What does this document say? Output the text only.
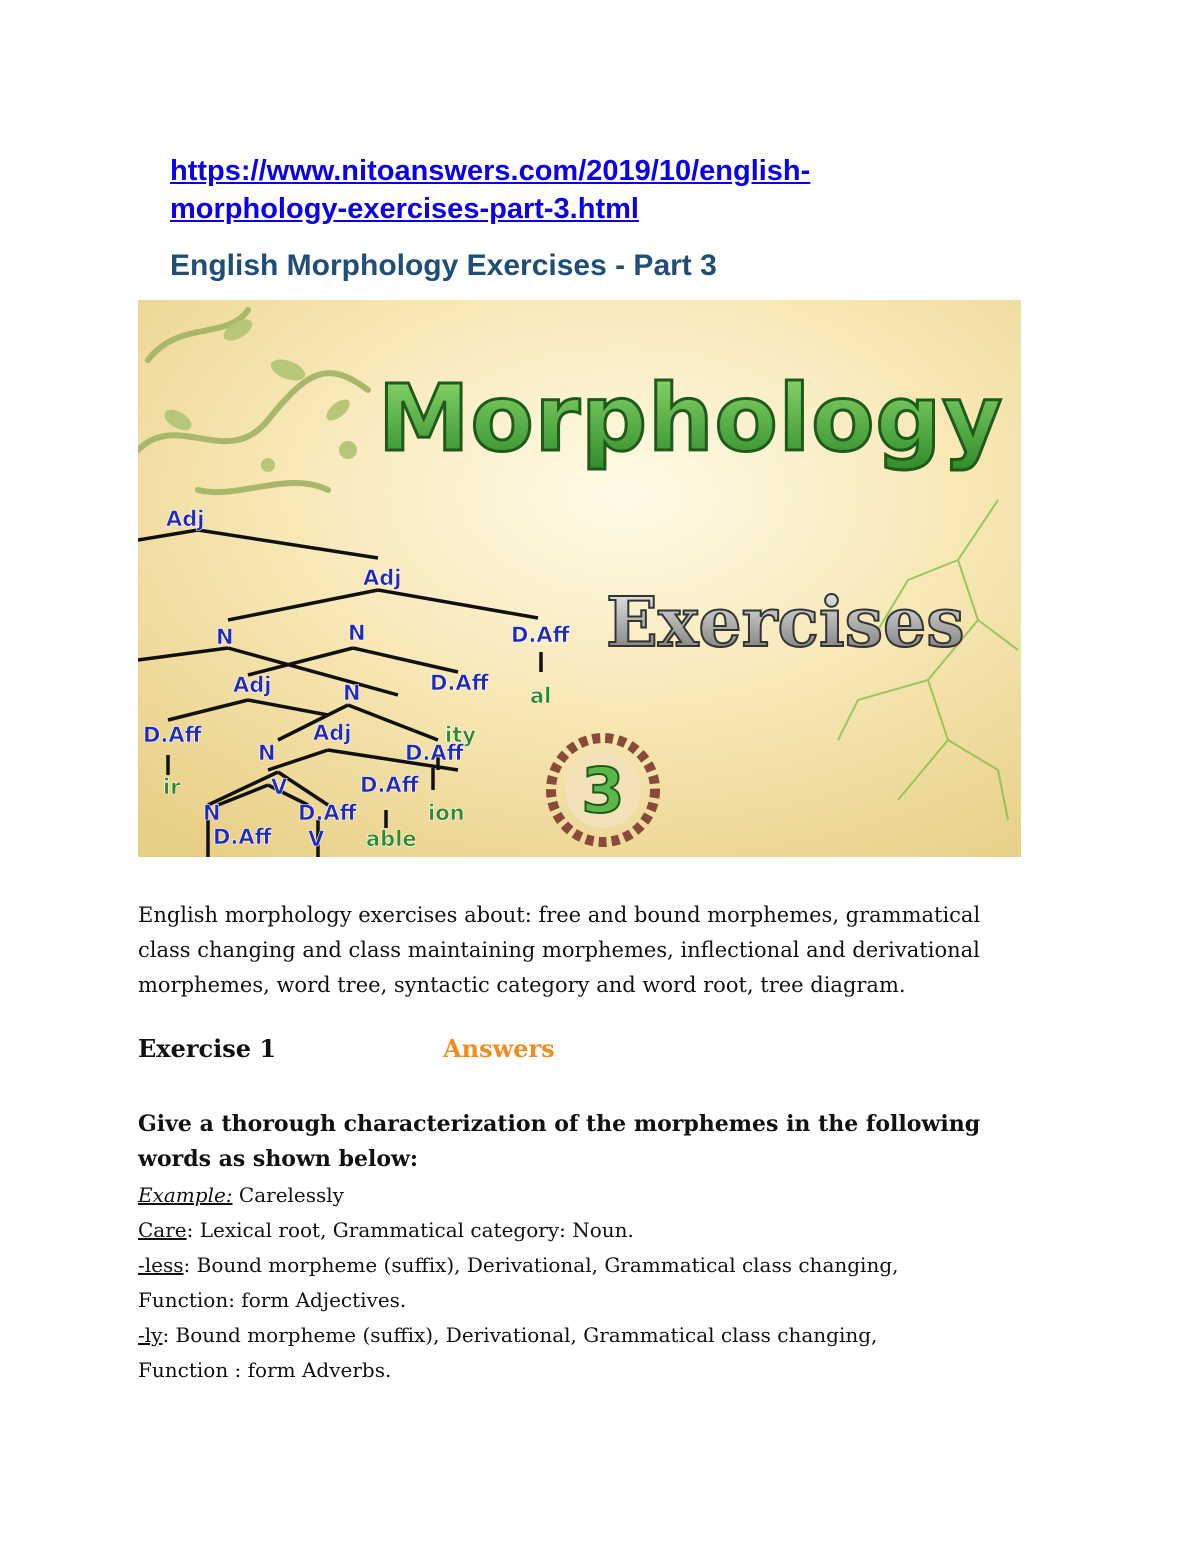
https://www.nitoanswers.com/2019/10/english-
morphology-exercises-part-3.html

English Morphology Exercises - Part 3
Morphology
Exercises
3
Adj
Adj
N	N	D.Aff
al
Adj	N	D.Aff
D.Aff	ity
N
Adj
D.Aff
ir	V	D.Aff
ion
N	D.Aff
able
D.Aff V

English morphology exercises about: free and bound morphemes, grammatical class changing and class maintaining morphemes, inflectional and derivational morphemes, word tree, syntactic category and word root, tree diagram.

Exercise 1	Answers

Give a thorough characterization of the morphemes in the following words as shown below:

Example: Carelessly
Care: Lexical root, Grammatical category: Noun.
-less: Bound morpheme (suffix), Derivational, Grammatical class changing,
Function: form Adjectives.
-ly: Bound morpheme (suffix), Derivational, Grammatical class changing,
Function : form Adverbs.
